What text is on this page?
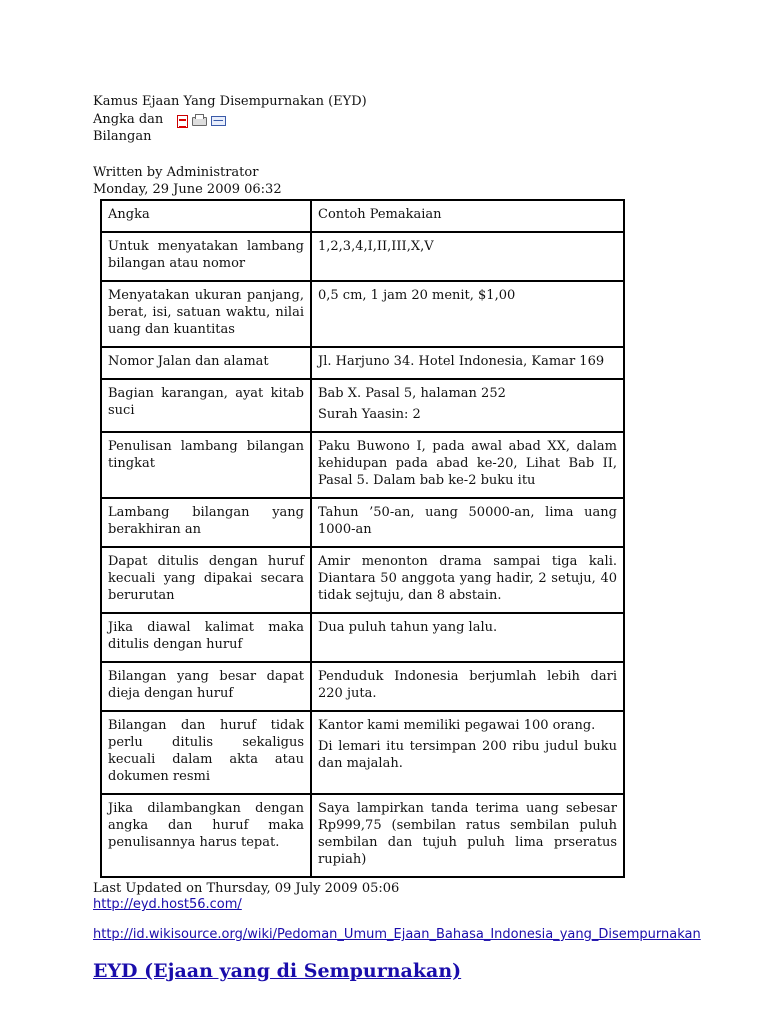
Kamus Ejaan Yang Disempurnakan (EYD)

Angka dan

Bilangan

Written by Administrator

Monday, 29 June 2009 06:32

Angka	Contoh Pemakaian
Untuk menyatakan lambang bilangan atau nomor	1,2,3,4,I,II,III,X,V

Menyatakan ukuran panjang, berat, isi, satuan waktu, nilai uang dan kuantitas	0,5 cm, 1 jam 20 menit, $1,00

Nomor Jalan dan alamat	Jl. Harjuno 34. Hotel Indonesia, Kamar 169

Bagian karangan, ayat kitab suci	Bab X. Pasal 5, halaman 252

Surah Yaasin: 2

Penulisan lambang bilangan tingkat	Paku Buwono I, pada awal abad XX, dalam kehidupan pada abad ke-20, Lihat Bab II, Pasal 5. Dalam bab ke-2 buku itu

Lambang bilangan yang berakhiran an	Tahun ’50-an, uang 50000-an, lima uang 1000-an

Dapat ditulis dengan huruf kecuali yang dipakai secara berurutan	Amir menonton drama sampai tiga kali. Diantara 50 anggota yang hadir, 2 setuju, 40 tidak sejtuju, dan 8 abstain.

Jika diawal kalimat maka ditulis dengan huruf	Dua puluh tahun yang lalu.

Bilangan yang besar dapat dieja dengan huruf	Penduduk Indonesia berjumlah lebih dari 220 juta.

Bilangan dan huruf tidak perlu ditulis sekaligus kecuali dalam akta atau dokumen resmi	Kantor kami memiliki pegawai 100 orang.

Di lemari itu tersimpan 200 ribu judul buku dan majalah.

Jika dilambangkan dengan angka dan huruf maka penulisannya harus tepat.	Saya lampirkan tanda terima uang sebesar Rp999,75 (sembilan ratus sembilan puluh sembilan dan tujuh puluh lima prseratus rupiah)

Last Updated on Thursday, 09 July 2009 05:06

http://eyd.host56.com/
http://id.wikisource.org/wiki/Pedoman_Umum_Ejaan_Bahasa_Indonesia_yang_Disempurnakan
EYD (Ejaan yang di Sempurnakan)
